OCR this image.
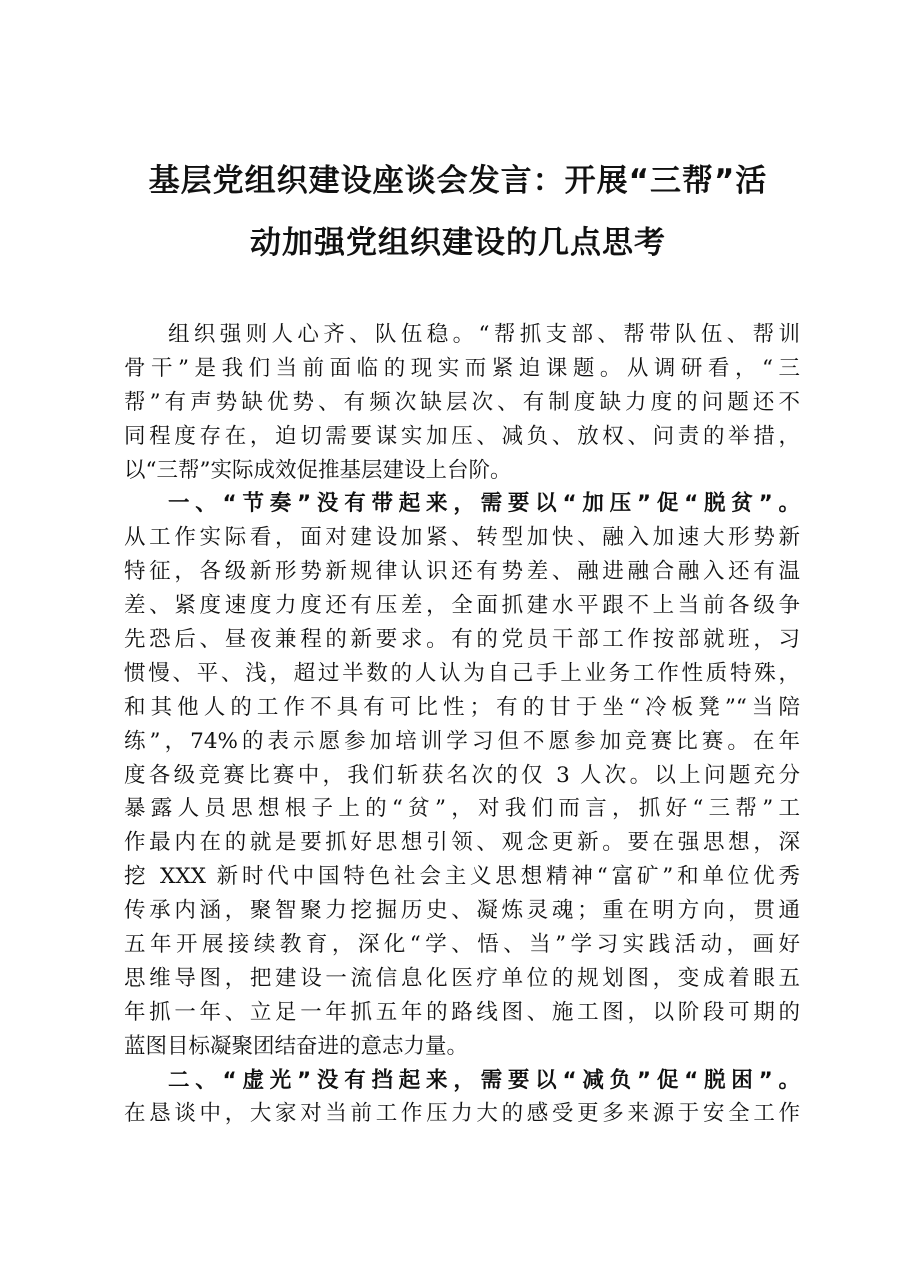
基层党组织建设座谈会发言：开展“三帮”活
动加强党组织建设的几点思考
组织强则人心齐、队伍稳。“帮抓支部、帮带队伍、帮训
骨干”是我们当前面临的现实而紧迫课题。从调研看，“三
帮”有声势缺优势、有频次缺层次、有制度缺力度的问题还不
同程度存在，迫切需要谋实加压、减负、放权、问责的举措，
以“三帮”实际成效促推基层建设上台阶。
一、“节奏”没有带起来，需要以“加压”促“脱贫”。
从工作实际看，面对建设加紧、转型加快、融入加速大形势新
特征，各级新形势新规律认识还有势差、融进融合融入还有温
差、紧度速度力度还有压差，全面抓建水平跟不上当前各级争
先恐后、昼夜兼程的新要求。有的党员干部工作按部就班，习
惯慢、平、浅，超过半数的人认为自己手上业务工作性质特殊，
和其他人的工作不具有可比性；有的甘于坐“冷板凳”“当陪
练”，74%的表示愿参加培训学习但不愿参加竞赛比赛。在年
度各级竞赛比赛中，我们斩获名次的仅 3 人次。以上问题充分
暴露人员思想根子上的“贫”，对我们而言，抓好“三帮”工
作最内在的就是要抓好思想引领、观念更新。要在强思想，深
挖 XXX 新时代中国特色社会主义思想精神“富矿”和单位优秀
传承内涵，聚智聚力挖掘历史、凝炼灵魂；重在明方向，贯通
五年开展接续教育，深化“学、悟、当”学习实践活动，画好
思维导图，把建设一流信息化医疗单位的规划图，变成着眼五
年抓一年、立足一年抓五年的路线图、施工图，以阶段可期的
蓝图目标凝聚团结奋进的意志力量。
二、“虚光”没有挡起来，需要以“减负”促“脱困”。
在恳谈中，大家对当前工作压力大的感受更多来源于安全工作
